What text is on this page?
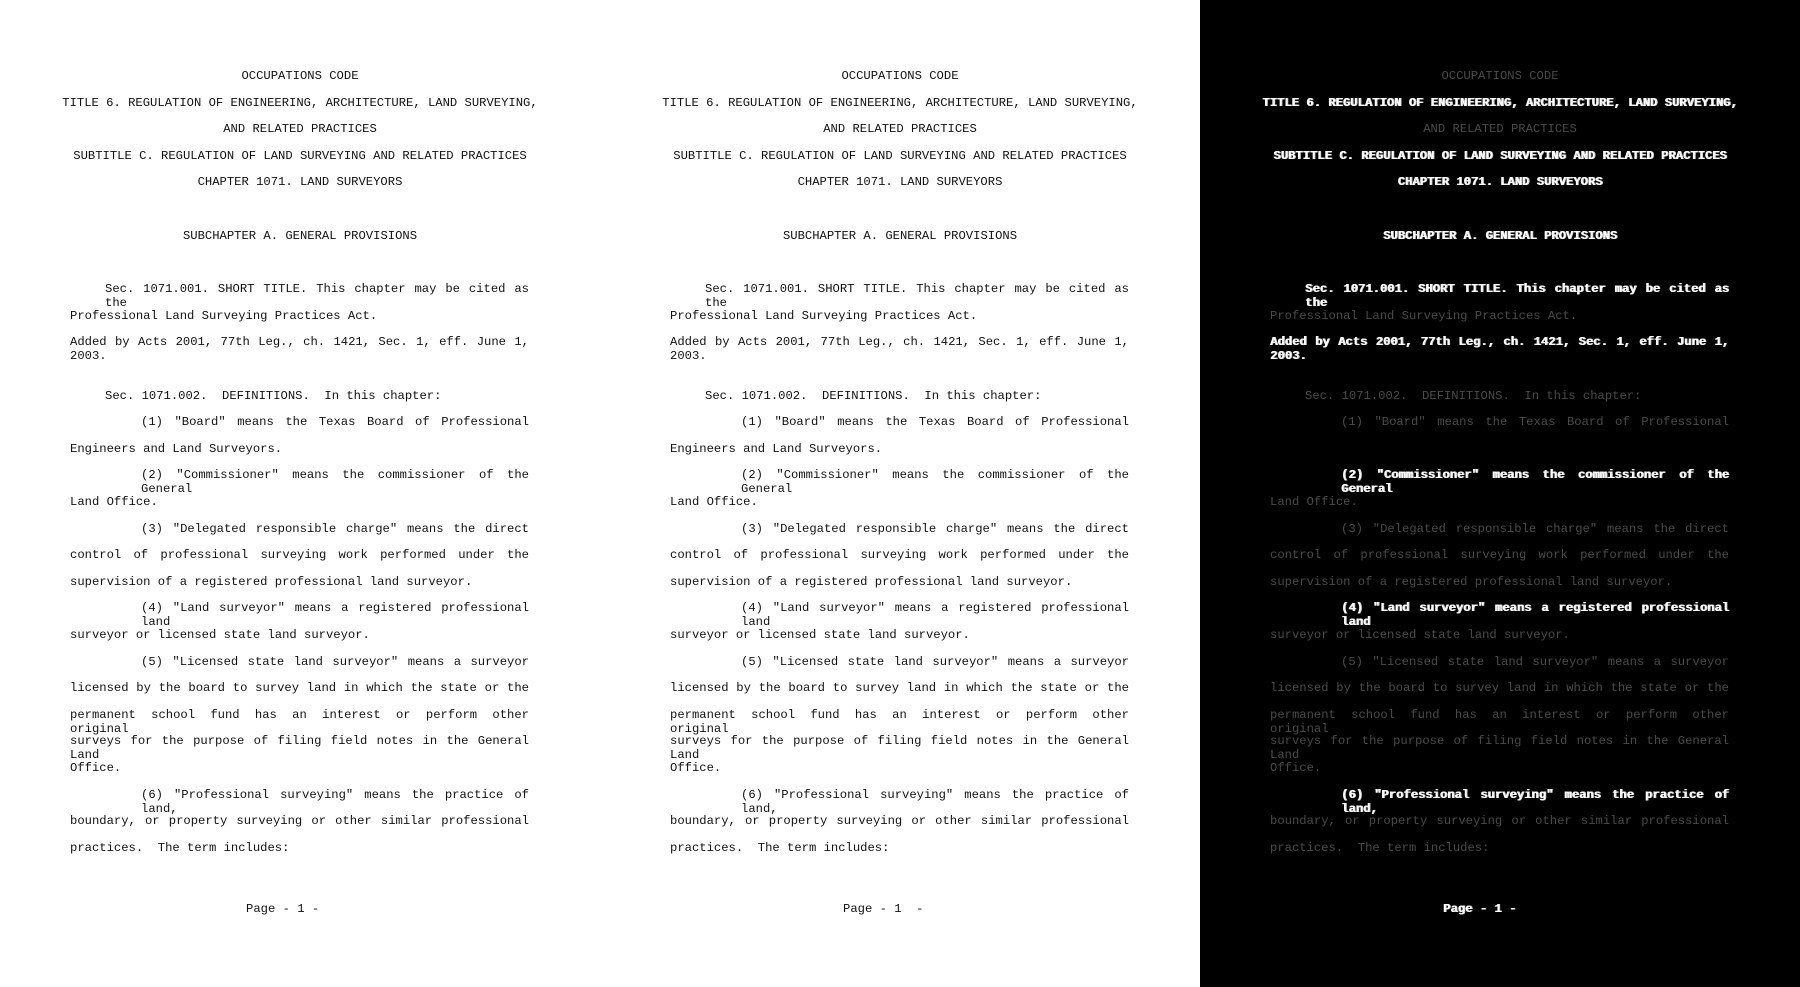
OCCUPATIONS CODE
TITLE 6. REGULATION OF ENGINEERING, ARCHITECTURE, LAND SURVEYING,
AND RELATED PRACTICES
SUBTITLE C. REGULATION OF LAND SURVEYING AND RELATED PRACTICES
CHAPTER 1071. LAND SURVEYORS
SUBCHAPTER A. GENERAL PROVISIONS
Sec. 1071.001. SHORT TITLE. This chapter may be cited as the
Professional Land Surveying Practices Act.
Added by Acts 2001, 77th Leg., ch. 1421, Sec. 1, eff. June 1, 2003.
Sec. 1071.002.  DEFINITIONS.  In this chapter:
(1) "Board" means the Texas Board of Professional
Engineers and Land Surveyors.
(2) "Commissioner" means the commissioner of the General
Land Office.
(3) "Delegated responsible charge" means the direct
control of professional surveying work performed under the
supervision of a registered professional land surveyor.
(4) "Land surveyor" means a registered professional land
surveyor or licensed state land surveyor.
(5) "Licensed state land surveyor" means a surveyor
licensed by the board to survey land in which the state or the
permanent school fund has an interest or perform other original
surveys for the purpose of filing field notes in the General Land
Office.
(6) "Professional surveying" means the practice of land,
boundary, or property surveying or other similar professional
practices.  The term includes:
Page - 1 -
OCCUPATIONS CODE
TITLE 6. REGULATION OF ENGINEERING, ARCHITECTURE, LAND SURVEYING,
AND RELATED PRACTICES
SUBTITLE C. REGULATION OF LAND SURVEYING AND RELATED PRACTICES
CHAPTER 1071. LAND SURVEYORS
SUBCHAPTER A. GENERAL PROVISIONS
Sec. 1071.001. SHORT TITLE. This chapter may be cited as the
Professional Land Surveying Practices Act.
Added by Acts 2001, 77th Leg., ch. 1421, Sec. 1, eff. June 1, 2003.
Sec. 1071.002.  DEFINITIONS.  In this chapter:
(1) "Board" means the Texas Board of Professional
Engineers and Land Surveyors.
(2) "Commissioner" means the commissioner of the General
Land Office.
(3) "Delegated responsible charge" means the direct
control of professional surveying work performed under the
supervision of a registered professional land surveyor.
(4) "Land surveyor" means a registered professional land
surveyor or licensed state land surveyor.
(5) "Licensed state land surveyor" means a surveyor
licensed by the board to survey land in which the state or the
permanent school fund has an interest or perform other original
surveys for the purpose of filing field notes in the General Land
Office.
(6) "Professional surveying" means the practice of land,
boundary, or property surveying or other similar professional
practices.  The term includes:
Page - 1  -
OCCUPATIONS CODE
TITLE 6. REGULATION OF ENGINEERING, ARCHITECTURE, LAND SURVEYING,
AND RELATED PRACTICES
SUBTITLE C. REGULATION OF LAND SURVEYING AND RELATED PRACTICES
CHAPTER 1071. LAND SURVEYORS
SUBCHAPTER A. GENERAL PROVISIONS
Sec. 1071.001. SHORT TITLE. This chapter may be cited as the
Professional Land Surveying Practices Act.
Added by Acts 2001, 77th Leg., ch. 1421, Sec. 1, eff. June 1, 2003.
Sec. 1071.002.  DEFINITIONS.  In this chapter:
(1) "Board" means the Texas Board of Professional
(2) "Commissioner" means the commissioner of the General
Land Office.
(3) "Delegated responsible charge" means the direct
control of professional surveying work performed under the
supervision of a registered professional land surveyor.
(4) "Land surveyor" means a registered professional land
surveyor or licensed state land surveyor.
(5) "Licensed state land surveyor" means a surveyor
licensed by the board to survey land in which the state or the
permanent school fund has an interest or perform other original
surveys for the purpose of filing field notes in the General Land
Office.
(6) "Professional surveying" means the practice of land,
boundary, or property surveying or other similar professional
practices.  The term includes:
Page - 1 -
